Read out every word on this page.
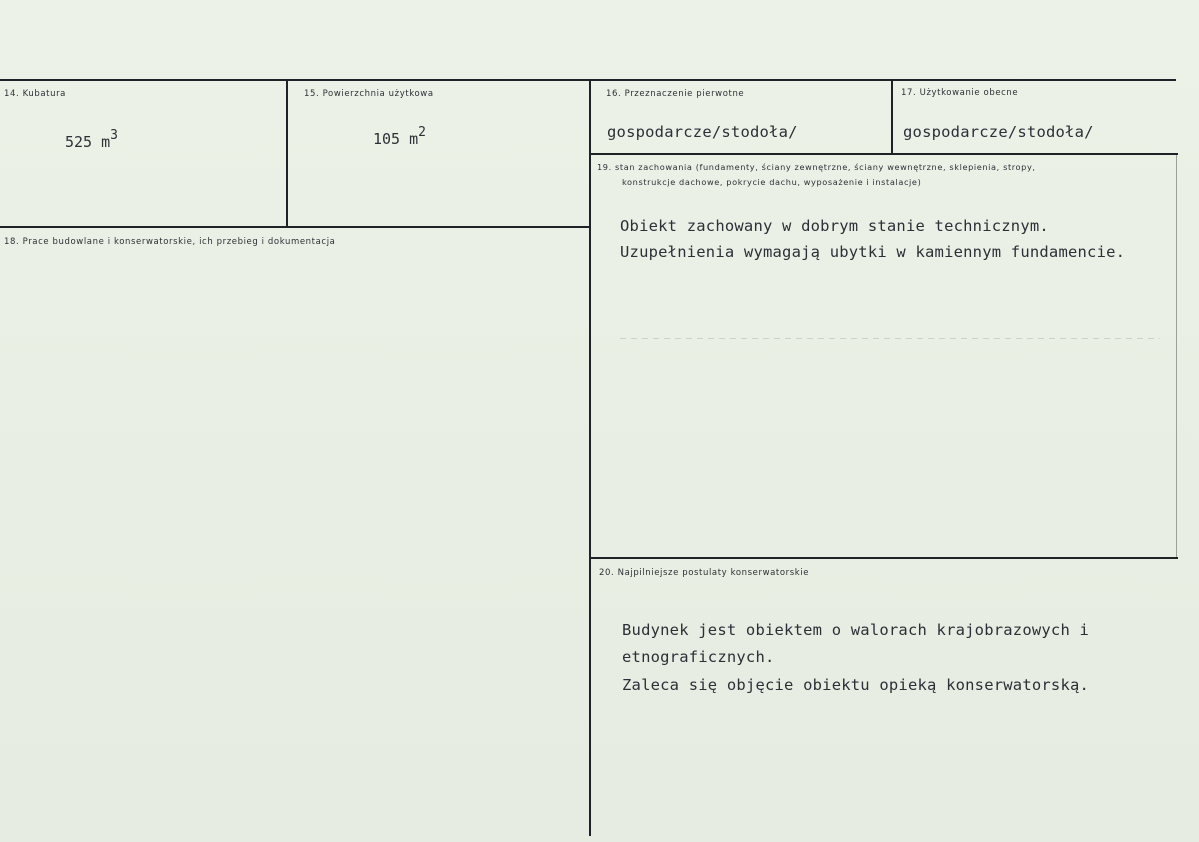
14. Kubatura
525 $m^3$
15. Powierzchnia użytkowa
105 $m^2$
16. Przeznaczenie pierwotne
gospodarcze/stodoła/
17. Użytkowanie obecne
gospodarcze/stodoła/
18. Prace budowlane i konserwatorskie, ich przebieg i dokumentacja
19. stan zachowania (fundamenty, ściany zewnętrzne, ściany wewnętrzne, sklepienia, stropy,
konstrukcje dachowe, pokrycie dachu, wyposażenie i instalacje)
Obiekt zachowany w dobrym stanie technicznym.
Uzupełnienia wymagają ubytki w kamiennym fundamencie.
20. Najpilniejsze postulaty konserwatorskie
Budynek jest obiektem o walorach krajobrazowych i
etnograficznych.
Zaleca się objęcie obiektu opieką konserwatorską.
